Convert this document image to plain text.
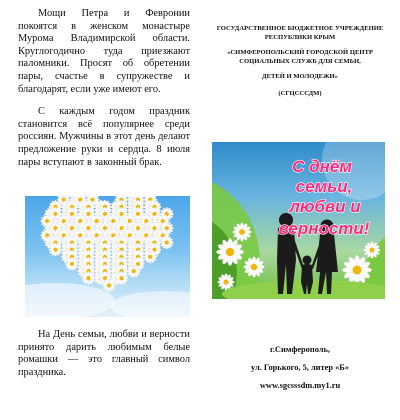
Мощи Петра и Февронии покоятся в женском монастыре Мурома Владимирской области. Круглогодично туда приезжают паломники. Просят об обретении пары, счастье в супружестве и благодарят, если уже имеют его.

С каждым годом праздник становится всё популярнее среди россиян. Мужчины в этот день делают предложение руки и сердца. 8 июля пары вступают в законный брак.

На День семьи, любви и верности принято дарить любимым белые ромашки — это главный символ праздника.

ГОСУДАРСТВЕННОЕ БЮДЖЕТНОЕ УЧРЕЖДЕНИЕ РЕСПУБЛИКИ КРЫМ

«СИМФЕРОПОЛЬСКИЙ ГОРОДСКОЙ ЦЕНТР СОЦИАЛЬНЫХ СЛУЖБ ДЛЯ СЕМЬИ,

ДЕТЕЙ И МОЛОДЕЖИ»

(СГЦСССДМ)

С днём
семьи,
любви и
верности!
г.Симферополь,
ул. Горького, 5, литер «Б»
www.sgcsssdm.my1.ru
